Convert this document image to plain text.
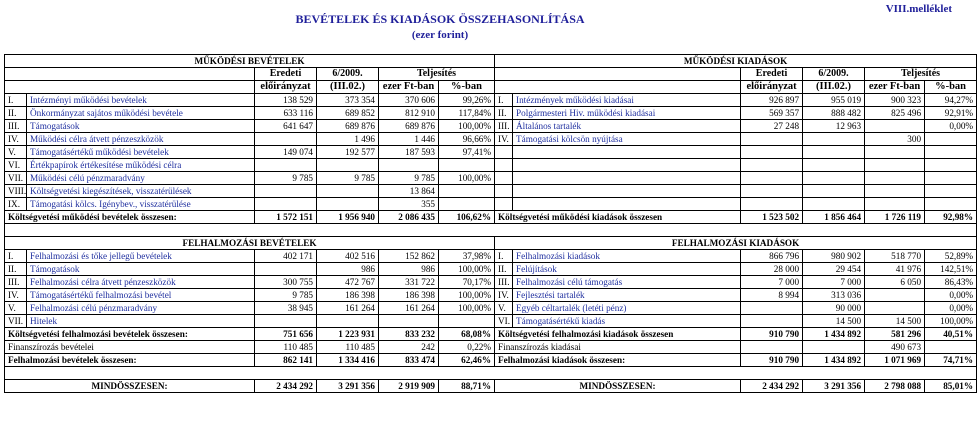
VIII.melléklet
BEVÉTELEK ÉS KIADÁSOK ÖSSZEHASONLÍTÁSA
(ezer forint)
MŰKÖDÉSI BEVÉTELEK						MŰKÖDÉSI KIADÁSOK					
		Eredeti	6/2009.	Teljesítés				Eredeti	6/2009.	Teljesítés	
		előirányzat	(III.02.)	ezer Ft-ban	%-ban			előirányzat	(III.02.)	ezer Ft-ban	%-ban
I.	Intézményi működési bevételek	138 529	373 354	370 606	99,26%	I.	Intézmények működési kiadásai	926 897	955 019	900 323	94,27%
II.	Önkormányzat sajátos működési bevétele	633 116	689 852	812 910	117,84%	II.	Polgármesteri Hiv. működési kiadásai	569 357	888 482	825 496	92,91%
III.	Támogatások	641 647	689 876	689 876	100,00%	III.	Általános tartalék	27 248	12 963		0,00%
IV.	Működési célra átvett pénzeszközök		1 496	1 446	96,66%	IV.	Támogatási kölcsön nyújtása			300	
V.	Támogatásértékű működési bevételek	149 074	192 577	187 593	97,41%						
VI.	Értékpapírok értékesítése működési célra										
VII.	Működési célú pénzmaradvány	9 785	9 785	9 785	100,00%						
VIII.	Költségvetési kiegészítések, visszatérülések			13 864							
IX.	Támogatási kölcs. Igénybev., visszatérülése			355							
Költségvetési működési bevételek összesen:		1 572 151	1 956 940	2 086 435	106,62%	Költségvetési működési kiadások összesen		1 523 502	1 856 464	1 726 119	92,98%

FELHALMOZÁSI BEVÉTELEK						FELHALMOZÁSI KIADÁSOK					
I.	Felhalmozási és tőke jellegű bevételek	402 171	402 516	152 862	37,98%	I.	Felhalmozási kiadások	866 796	980 902	518 770	52,89%
II.	Támogatások		986	986	100,00%	II.	Felújítások	28 000	29 454	41 976	142,51%
III.	Felhalmozási célra átvett pénzeszközök	300 755	472 767	331 722	70,17%	III.	Felhalmozási célú támogatás	7 000	7 000	6 050	86,43%
IV.	Támogatásértékű felhalmozási bevétel	9 785	186 398	186 398	100,00%	IV.	Fejlesztési tartalék	8 994	313 036		0,00%
V.	Felhalmozási célú pénzmaradvány	38 945	161 264	161 264	100,00%	V.	Egyéb céltartalék (letéti pénz)		90 000		0,00%
VII.	Hitelek					VI.	Támogatásértékű kiadás		14 500	14 500	100,00%
Költségvetési felhalmozási bevételek összesen:		751 656	1 223 931	833 232	68,08%	Költségvetési felhalmozási kiadások összesen		910 790	1 434 892	581 296	40,51%
Finanszírozás bevételei		110 485	110 485	242	0,22%	Finanszírozás kiadásai				490 673	
Felhalmozási bevételek összesen:		862 141	1 334 416	833 474	62,46%	Felhalmozási kiadások összesen:		910 790	1 434 892	1 071 969	74,71%

MINDÖSSZESEN:		2 434 292	3 291 356	2 919 909	88,71%	MINDÖSSZESEN:		2 434 292	3 291 356	2 798 088	85,01%
